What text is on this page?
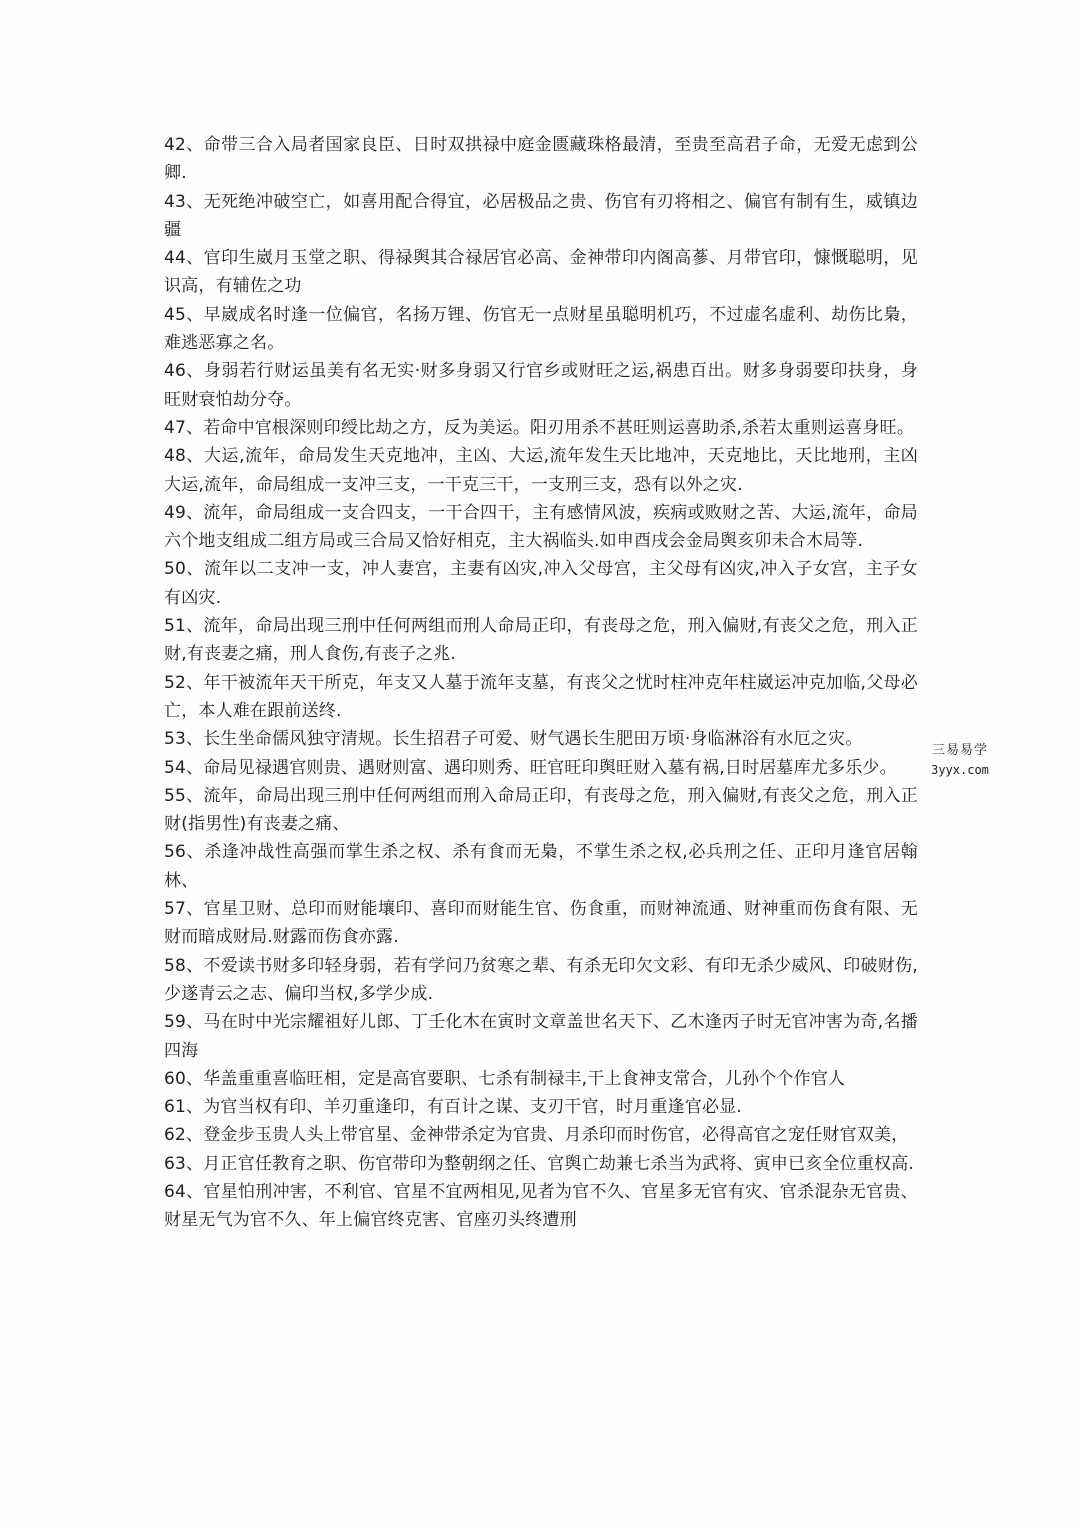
42、命带三合入局者国家良臣、日时双拱禄中庭金匮藏珠格最清，至贵至高君子命，无爱无虑到公卿.

43、无死绝冲破空亡，如喜用配合得宜，必居极品之贵、伤官有刃将相之、偏官有制有生，威镇边疆

44、官印生崴月玉堂之职、得禄舆其合禄居官必高、金神带印内阁高蔘、月带官印，慷慨聪明，见识高，有辅佐之功

45、早崴成名时逢一位偏官，名扬万锂、伤官无一点财星虽聪明机巧，不过虚名虚利、劫伤比梟，难逃恶寡之名。

46、身弱若行财运虽美有名无实·财多身弱又行官乡或财旺之运,祸患百出。财多身弱要印扶身，身旺财衰怕劫分夺。

47、若命中官根深则印绶比劫之方，反为美运。阳刃用杀不甚旺则运喜助杀,杀若太重则运喜身旺。

48、大运,流年，命局发生天克地冲，主凶、大运,流年发生天比地冲，天克地比，天比地刑，主凶大运,流年，命局组成一支冲三支，一干克三干，一支刑三支，恐有以外之灾.

49、流年，命局组成一支合四支，一干合四干，主有感情风波，疾病或败财之苦、大运,流年，命局六个地支组成二组方局或三合局又恰好相克，主大祸临头.如申酉戌会金局舆亥卯未合木局等.

50、流年以二支冲一支，冲人妻宫，主妻有凶灾,冲入父母宫，主父母有凶灾,冲入子女宫，主子女有凶灾.

51、流年，命局出现三刑中任何两组而刑人命局正印，有丧母之危，刑入偏财,有丧父之危，刑入正财,有丧妻之痛，刑人食伤,有丧子之兆.

52、年干被流年天干所克，年支又人墓于流年支墓，有丧父之忧时柱冲克年柱崴运冲克加临,父母必亡，本人难在跟前送终.

53、长生坐命儒风独守清规。长生招君子可爱、财气遇长生肥田万顷·身临淋浴有水厄之灾。

54、命局见禄遇官则贵、遇财则富、遇印则秀、旺官旺印舆旺财入墓有祸,日时居墓库尤多乐少。

55、流年，命局出现三刑中任何两组而刑入命局正印，有丧母之危，刑入偏财,有丧父之危，刑入正财(指男性)有丧妻之痛、

56、杀逢冲战性高强而掌生杀之权、杀有食而无梟，不掌生杀之权,必兵刑之任、正印月逢官居翰林、

57、官星卫财、总印而财能壤印、喜印而财能生官、伤食重，而财神流通、财神重而伤食有限、无财而暗成财局.财露而伤食亦露.

58、不爱读书财多印轻身弱，若有学问乃贫寒之辈、有杀无印欠文彩、有印无杀少威风、印破财伤,少遂青云之志、偏印当权,多学少成.

59、马在时中光宗耀祖好儿郎、丁壬化木在寅时文章盖世名天下、乙木逢丙子时无官冲害为奇,名播四海

60、华盖重重喜临旺相，定是高官要职、七杀有制禄丰,干上食神支常合，儿孙个个作官人

61、为官当权有印、羊刃重逢印，有百计之谋、支刃干官，时月重逢官必显.

62、登金步玉贵人头上带官星、金神带杀定为官贵、月杀印而时伤官，必得高官之宠任财官双美，

63、月正官任教育之职、伤官带印为整朝纲之任、官舆亡劫兼七杀当为武将、寅申已亥全位重权高.

64、官星怕刑冲害，不利官、官星不宜两相见,见者为官不久、官星多无官有灾、官杀混杂无官贵、财星无气为官不久、年上偏官终克害、官座刃头终遭刑

三易易学
3yyx.com
